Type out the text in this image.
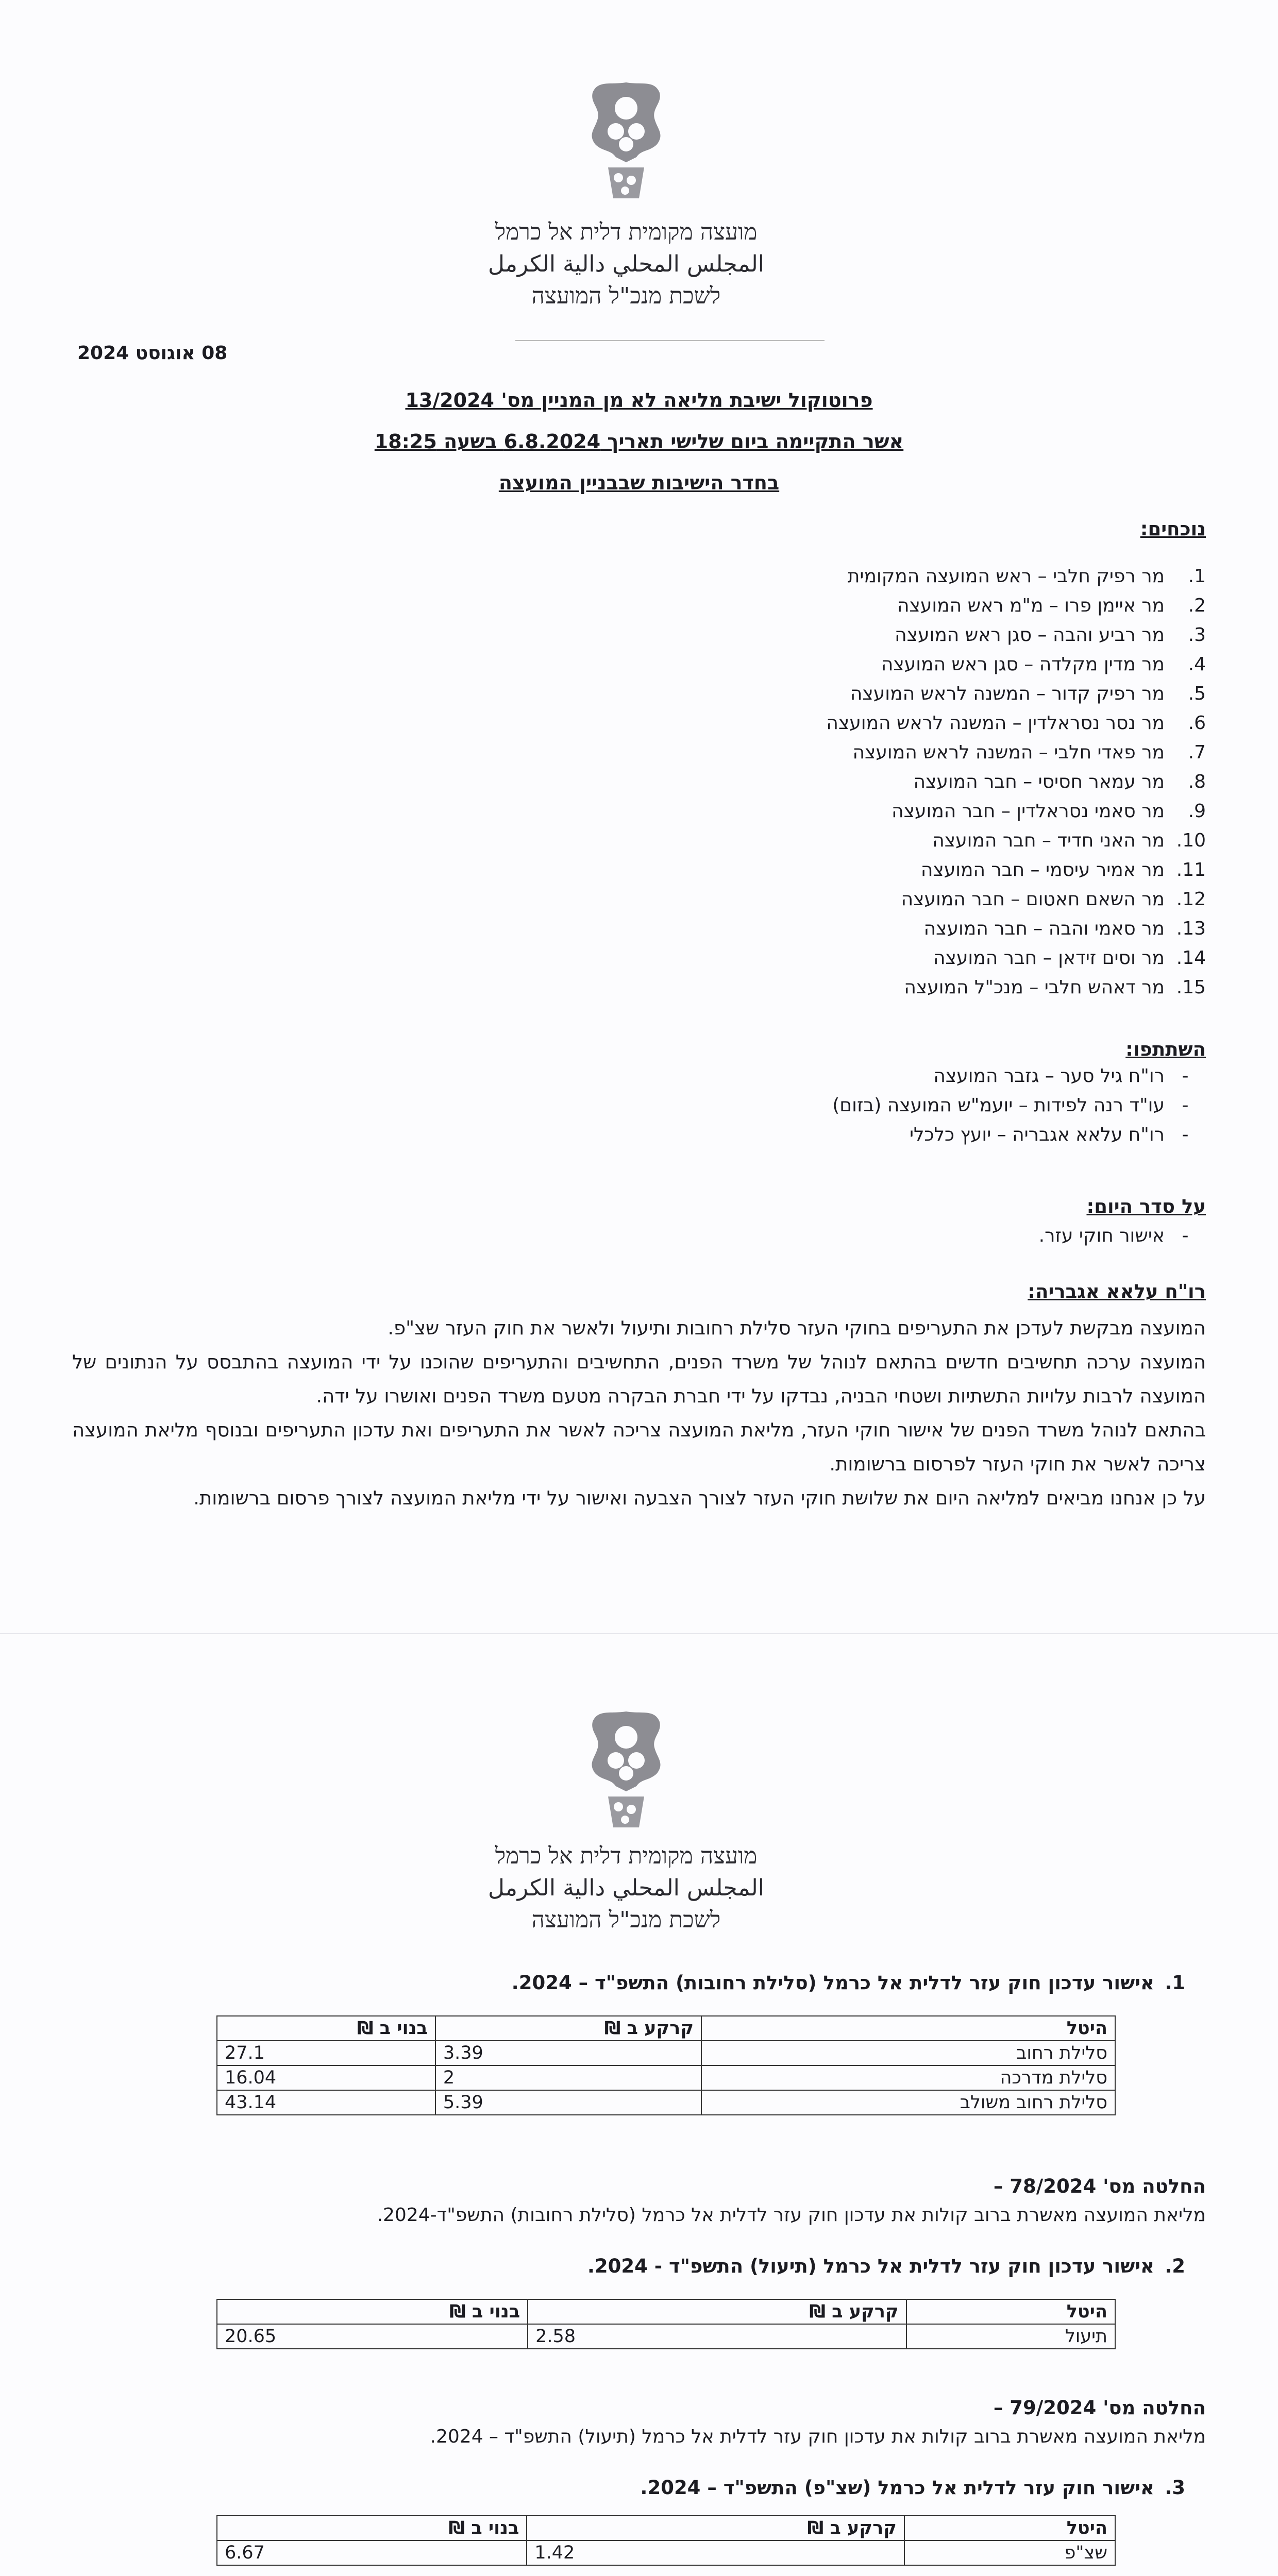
מועצה מקומית דלית אל כרמל
المجلس المحلي دالية الكرمل
לשכת מנכ"ל המועצה
08 אוגוסט 2024
פרוטוקול ישיבת מליאה לא מן המניין מס' 13/2024
אשר התקיימה ביום שלישי תאריך 6.8.2024 בשעה 18:25
בחדר הישיבות שבבניין המועצה
נוכחים:
1.מר רפיק חלבי – ראש המועצה המקומית
2.מר איימן פרו – מ"מ ראש המועצה
3.מר רביע והבה – סגן ראש המועצה
4.מר מדין מקלדה – סגן ראש המועצה
5.מר רפיק קדור – המשנה לראש המועצה
6.מר נסר נסראלדין – המשנה לראש המועצה
7.מר פאדי חלבי – המשנה לראש המועצה
8.מר עמאר חסיסי – חבר המועצה
9.מר סאמי נסראלדין – חבר המועצה
10.מר האני חדיד – חבר המועצה
11.מר אמיר עיסמי – חבר המועצה
12.מר השאם חאטום – חבר המועצה
13.מר סאמי והבה – חבר המועצה
14.מר וסים זידאן – חבר המועצה
15.מר דאהש חלבי – מנכ"ל המועצה
השתתפו:
-רו"ח גיל סער – גזבר המועצה
-עו"ד רנה לפידות – יועמ"ש המועצה (בזום)
-רו"ח עלאא אגבריה – יועץ כלכלי
על סדר היום:
-אישור חוקי עזר.
רו"ח עלאא אגבריה:
המועצה מבקשת לעדכן את התעריפים בחוקי העזר סלילת רחובות ותיעול ולאשר את חוק העזר שצ"פ.
המועצה ערכה תחשיבים חדשים בהתאם לנוהל של משרד הפנים, התחשיבים והתעריפים שהוכנו על ידי המועצה בהתבסס על הנתונים של המועצה לרבות עלויות התשתיות ושטחי הבניה, נבדקו על ידי חברת הבקרה מטעם משרד הפנים ואושרו על ידה.
בהתאם לנוהל משרד הפנים של אישור חוקי העזר, מליאת המועצה צריכה לאשר את התעריפים ואת עדכון התעריפים ובנוסף מליאת המועצה צריכה לאשר את חוקי העזר לפרסום ברשומות.
על כן אנחנו מביאים למליאה היום את שלושת חוקי העזר לצורך הצבעה ואישור על ידי מליאת המועצה לצורך פרסום ברשומות.
מועצה מקומית דלית אל כרמל
المجلس المحلي دالية الكرمل
לשכת מנכ"ל המועצה
1.אישור עדכון חוק עזר לדלית אל כרמל (סלילת רחובות) התשפ"ד – 2024.
היטל	קרקע ב ₪	בנוי ב ₪
סלילת רחוב	3.39	27.1
סלילת מדרכה	2	16.04
סלילת רחוב משולב	5.39	43.14
החלטה מס' 78/2024 –
מליאת המועצה מאשרת ברוב קולות את עדכון חוק עזר לדלית אל כרמל (סלילת רחובות) התשפ"ד-2024.
2.אישור עדכון חוק עזר לדלית אל כרמל (תיעול) התשפ"ד - 2024.
היטל	קרקע ב ₪	בנוי ב ₪
תיעול	2.58	20.65
החלטה מס' 79/2024 –
מליאת המועצה מאשרת ברוב קולות את עדכון חוק עזר לדלית אל כרמל (תיעול) התשפ"ד – 2024.
3.אישור חוק עזר לדלית אל כרמל (שצ"פ) התשפ"ד – 2024.
היטל	קרקע ב ₪	בנוי ב ₪
שצ"פ	1.42	6.67
